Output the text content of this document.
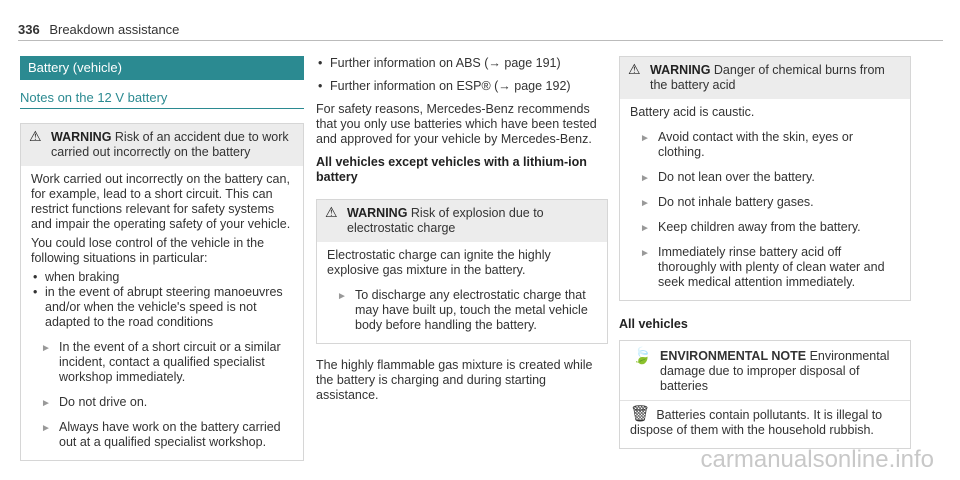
336 Breakdown assistance
Battery (vehicle)
Notes on the 12 V battery
⚠ WARNING Risk of an accident due to work carried out incorrectly on the battery

Work carried out incorrectly on the battery can, for example, lead to a short circuit. This can restrict functions relevant for safety systems and impair the operating safety of your vehicle.

You could lose control of the vehicle in the following situations in particular:

• when braking
• in the event of abrupt steering manoeuvres and/or when the vehicle's speed is not adapted to the road conditions
► In the event of a short circuit or a similar incident, contact a qualified specialist workshop immediately.
► Do not drive on.
► Always have work on the battery carried out at a qualified specialist workshop.
• Further information on ABS (→ page 191)
• Further information on ESP® (→ page 192)

For safety reasons, Mercedes-Benz recommends that you only use batteries which have been tested and approved for your vehicle by Mercedes-Benz.

All vehicles except vehicles with a lithium-ion battery
⚠ WARNING Risk of explosion due to electrostatic charge

Electrostatic charge can ignite the highly explosive gas mixture in the battery.

► To discharge any electrostatic charge that may have built up, touch the metal vehicle body before handling the battery.

The highly flammable gas mixture is created while the battery is charging and during starting assistance.

⚠ WARNING Danger of chemical burns from the battery acid

Battery acid is caustic.

► Avoid contact with the skin, eyes or clothing.
► Do not lean over the battery.
► Do not inhale battery gases.
► Keep children away from the battery.
► Immediately rinse battery acid off thoroughly with plenty of clean water and seek medical attention immediately.
All vehicles
🍃 ENVIRONMENTAL NOTE Environmental damage due to improper disposal of batteries

🗑 Batteries contain pollutants. It is illegal to dispose of them with the household rubbish.

carmanualsonline.info
